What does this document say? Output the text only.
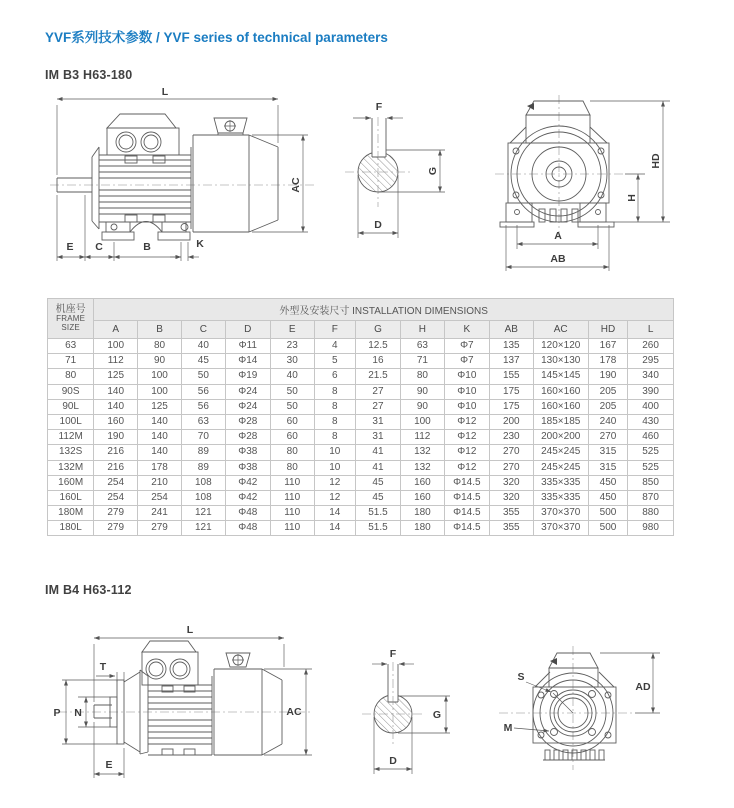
YVF系列技术参数 / YVF series of technical parameters
IM B3 H63-180
L
AC
E C	B	K
F
G
D
H
HD
A
AB
机座号
FRAME SIZE	外型及安装尺寸 INSTALLATION DIMENSIONS												
	A	B	C	D	E	F	G	H	K	AB	AC	HD	L
63	100	80	40	Φ11	23	4	12.5	63	Φ7	135	120×120	167	260
71	112	90	45	Φ14	30	5	16	71	Φ7	137	130×130	178	295
80	125	100	50	Φ19	40	6	21.5	80	Φ10	155	145×145	190	340
90S	140	100	56	Φ24	50	8	27	90	Φ10	175	160×160	205	390
90L	140	125	56	Φ24	50	8	27	90	Φ10	175	160×160	205	400
100L	160	140	63	Φ28	60	8	31	100	Φ12	200	185×185	240	430
112M	190	140	70	Φ28	60	8	31	112	Φ12	230	200×200	270	460
132S	216	140	89	Φ38	80	10	41	132	Φ12	270	245×245	315	525
132M	216	178	89	Φ38	80	10	41	132	Φ12	270	245×245	315	525
160M	254	210	108	Φ42	110	12	45	160	Φ14.5	320	335×335	450	850
160L	254	254	108	Φ42	110	12	45	160	Φ14.5	320	335×335	450	870
180M	279	241	121	Φ48	110	14	51.5	180	Φ14.5	355	370×370	500	880
180L	279	279	121	Φ48	110	14	51.5	180	Φ14.5	355	370×370	500	980
IM B4 H63-112
L
T
P N	AC
E
F
G
D
S
M
AD
